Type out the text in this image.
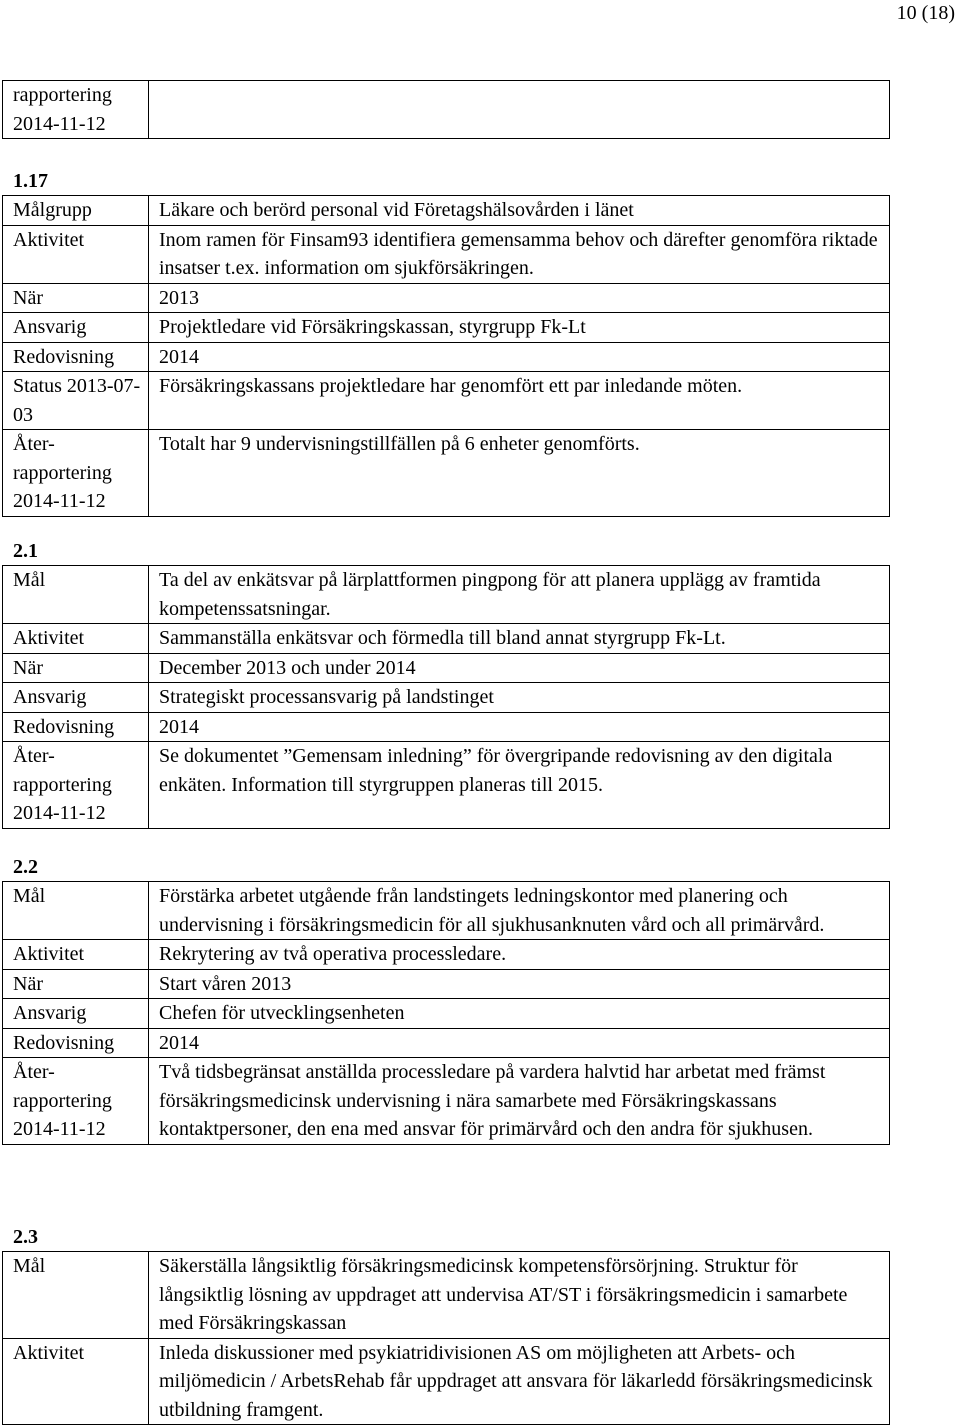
10 (18)
rapportering
2014-11-12

1.17
Målgrupp	Läkare och berörd personal vid Företagshälsovården i länet
Aktivitet	Inom ramen för Finsam93 identifiera gemensamma behov och därefter genomföra riktade insatser t.ex. information om sjukförsäkringen.
När	2013
Ansvarig	Projektledare vid Försäkringskassan, styrgrupp Fk-Lt
Redovisning	2014
Status 2013-07-03	Försäkringskassans projektledare har genomfört ett par inledande möten.
Åter-rapportering 2014-11-12	Totalt har 9 undervisningstillfällen på 6 enheter genomförts.
2.1
Mål	Ta del av enkätsvar på lärplattformen pingpong för att planera upplägg av framtida kompetenssatsningar.
Aktivitet	Sammanställa enkätsvar och förmedla till bland annat styrgrupp Fk-Lt.
När	December 2013 och under 2014
Ansvarig	Strategiskt processansvarig på landstinget
Redovisning	2014
Åter-rapportering 2014-11-12	Se dokumentet ”Gemensam inledning” för övergripande redovisning av den digitala enkäten. Information till styrgruppen planeras till 2015.
2.2
Mål	Förstärka arbetet utgående från landstingets ledningskontor med planering och undervisning i försäkringsmedicin för all sjukhusanknuten vård och all primärvård.
Aktivitet	Rekrytering av två operativa processledare.
När	Start våren 2013
Ansvarig	Chefen för utvecklingsenheten
Redovisning	2014
Åter-rapportering 2014-11-12	Två tidsbegränsat anställda processledare på vardera halvtid har arbetat med främst försäkringsmedicinsk undervisning i nära samarbete med Försäkringskassans kontaktpersoner, den ena med ansvar för primärvård och den andra för sjukhusen.
2.3
Mål	Säkerställa långsiktlig försäkringsmedicinsk kompetensförsörjning. Struktur för långsiktlig lösning av uppdraget att undervisa AT/ST i försäkringsmedicin i samarbete med Försäkringskassan
Aktivitet	Inleda diskussioner med psykiatridivisionen AS om möjligheten att Arbets- och miljömedicin / ArbetsRehab får uppdraget att ansvara för läkarledd försäkringsmedicinsk utbildning framgent.
